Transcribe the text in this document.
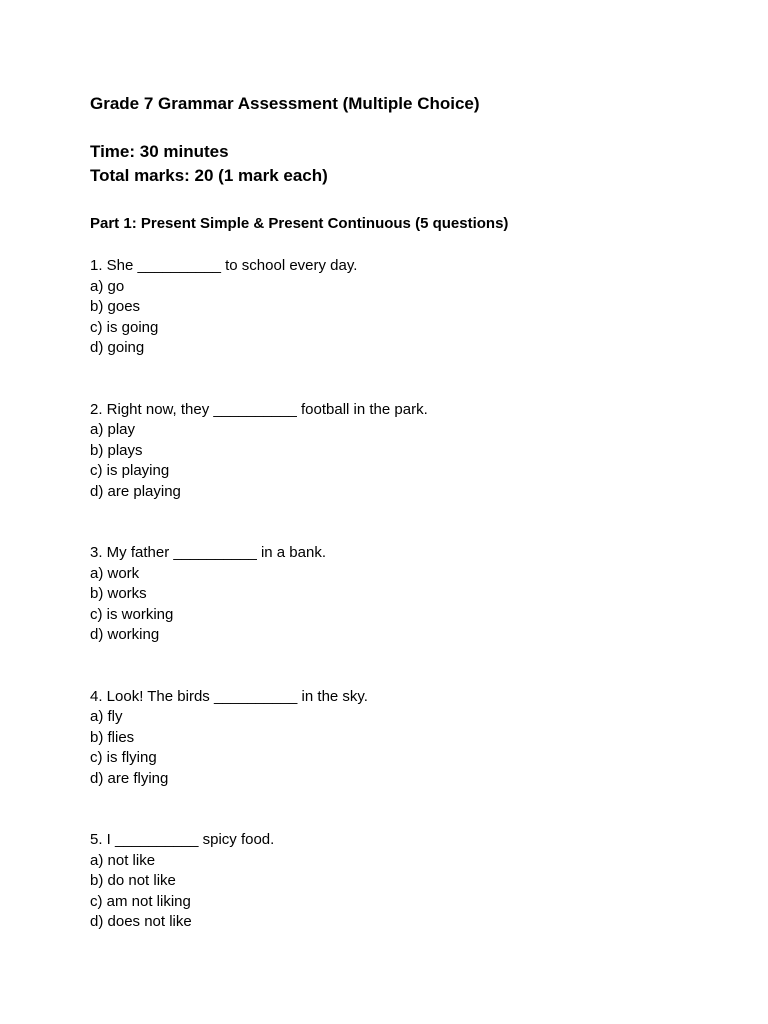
Grade 7 Grammar Assessment (Multiple Choice)
Time: 30 minutes
Total marks: 20 (1 mark each)
Part 1: Present Simple & Present Continuous (5 questions)
1. She __________ to school every day.
a) go
b) goes
c) is going
d) going
2. Right now, they __________ football in the park.
a) play
b) plays
c) is playing
d) are playing
3. My father __________ in a bank.
a) work
b) works
c) is working
d) working
4. Look! The birds __________ in the sky.
a) fly
b) flies
c) is flying
d) are flying
5. I __________ spicy food.
a) not like
b) do not like
c) am not liking
d) does not like
